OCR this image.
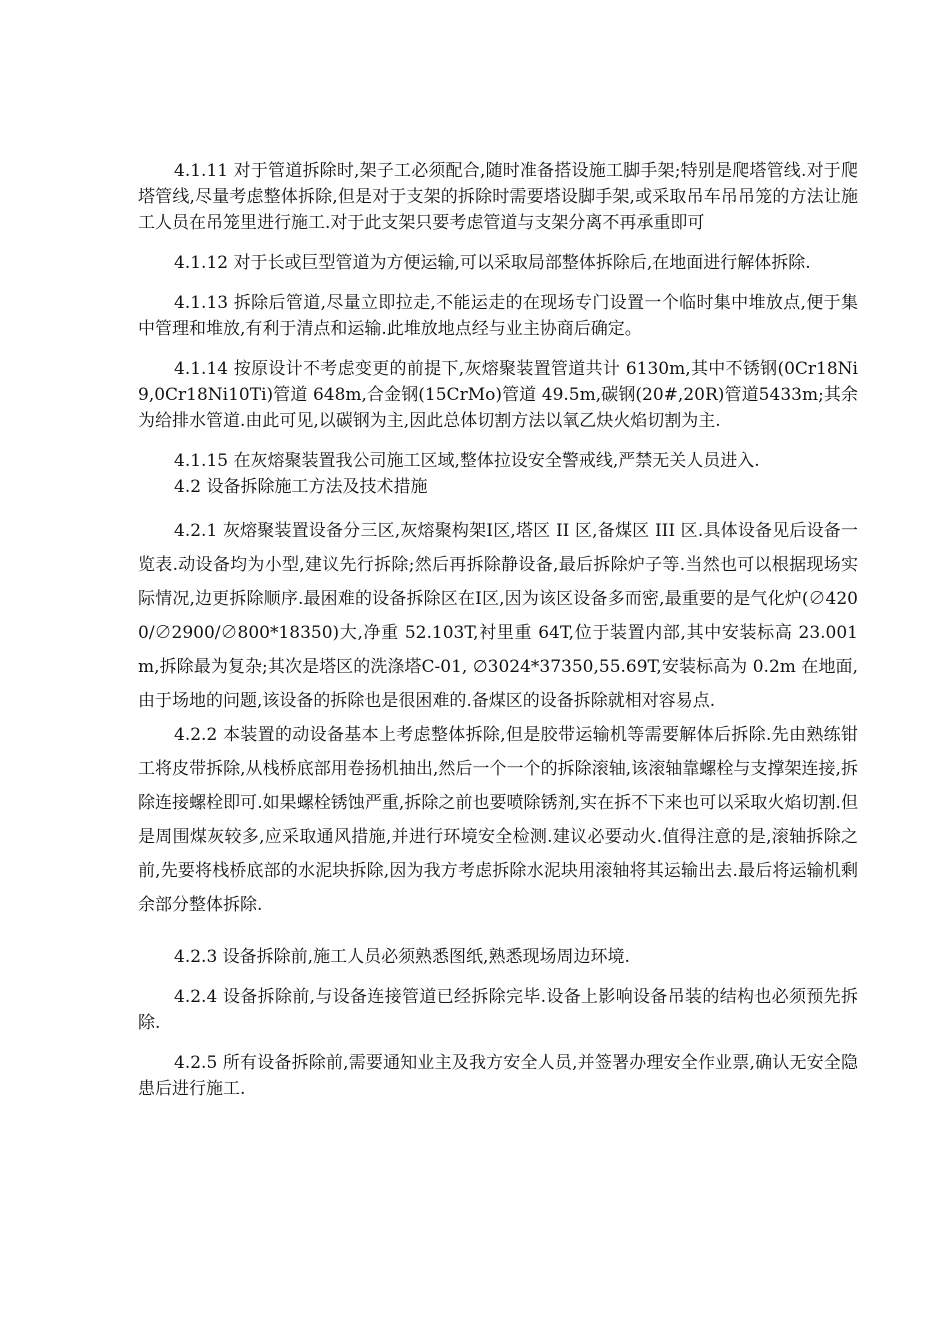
4.1.11 对于管道拆除时,架子工必须配合,随时准备搭设施工脚手架;特别是爬塔管线.对于爬塔管线,尽量考虑整体拆除,但是对于支架的拆除时需要塔设脚手架,或采取吊车吊吊笼的方法让施工人员在吊笼里进行施工.对于此支架只要考虑管道与支架分离不再承重即可

4.1.12 对于长或巨型管道为方便运输,可以采取局部整体拆除后,在地面进行解体拆除.

4.1.13 拆除后管道,尽量立即拉走,不能运走的在现场专门设置一个临时集中堆放点,便于集中管理和堆放,有利于清点和运输.此堆放地点经与业主协商后确定。

4.1.14 按原设计不考虑变更的前提下,灰熔聚装置管道共计 6130m,其中不锈钢(0Cr18Ni9,0Cr18Ni10Ti)管道 648m,合金钢(15CrMo)管道 49.5m,碳钢(20#,20R)管道5433m;其余为给排水管道.由此可见,以碳钢为主,因此总体切割方法以氧乙炔火焰切割为主.

4.1.15 在灰熔聚装置我公司施工区域,整体拉设安全警戒线,严禁无关人员进入.

4.2 设备拆除施工方法及技术措施

4.2.1 灰熔聚装置设备分三区,灰熔聚构架Ⅰ区,塔区 II 区,备煤区 III 区.具体设备见后设备一览表.动设备均为小型,建议先行拆除;然后再拆除静设备,最后拆除炉子等.当然也可以根据现场实际情况,边更拆除顺序.最困难的设备拆除区在Ⅰ区,因为该区设备多而密,最重要的是气化炉(∅4200/∅2900/∅800*18350)大,净重 52.103T,衬里重 64T,位于装置内部,其中安装标高 23.001m,拆除最为复杂;其次是塔区的洗涤塔C-01, ∅3024*37350,55.69T,安装标高为 0.2m 在地面,由于场地的问题,该设备的拆除也是很困难的.备煤区的设备拆除就相对容易点.

4.2.2 本装置的动设备基本上考虑整体拆除,但是胶带运输机等需要解体后拆除.先由熟练钳工将皮带拆除,从栈桥底部用卷扬机抽出,然后一个一个的拆除滚轴,该滚轴靠螺栓与支撑架连接,拆除连接螺栓即可.如果螺栓锈蚀严重,拆除之前也要喷除锈剂,实在拆不下来也可以采取火焰切割.但是周围煤灰较多,应采取通风措施,并进行环境安全检测.建议必要动火.值得注意的是,滚轴拆除之前,先要将栈桥底部的水泥块拆除,因为我方考虑拆除水泥块用滚轴将其运输出去.最后将运输机剩余部分整体拆除.

4.2.3 设备拆除前,施工人员必须熟悉图纸,熟悉现场周边环境.

4.2.4 设备拆除前,与设备连接管道已经拆除完毕.设备上影响设备吊装的结构也必须预先拆除.

4.2.5 所有设备拆除前,需要通知业主及我方安全人员,并签署办理安全作业票,确认无安全隐患后进行施工.
